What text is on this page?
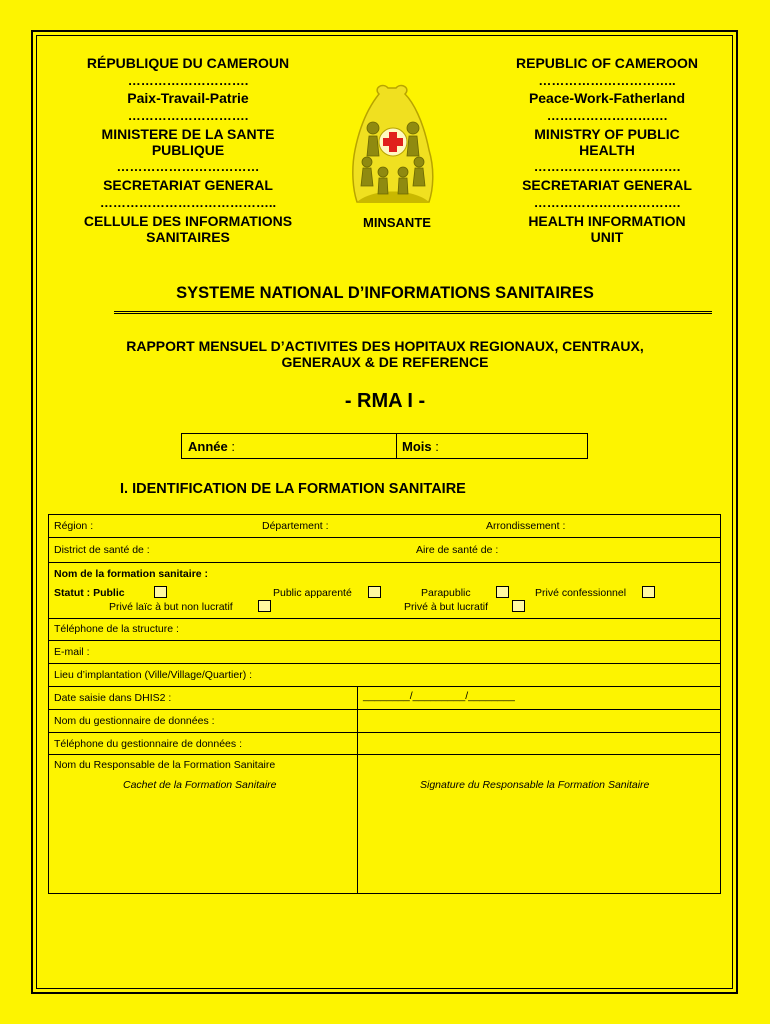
RÉPUBLIQUE DU CAMEROUN
……………………….
Paix-Travail-Patrie
……………………….
MINISTERE DE LA SANTE
PUBLIQUE
……………………………
SECRETARIAT GENERAL
…………………………………..
CELLULE DES INFORMATIONS
SANITAIRES
MINSANTE
REPUBLIC OF CAMEROON
…………………………..
Peace-Work-Fatherland
……………………….
MINISTRY OF PUBLIC
HEALTH
…………………………….
SECRETARIAT GENERAL
…………………………….
HEALTH INFORMATION
UNIT
SYSTEME NATIONAL D’INFORMATIONS SANITAIRES
RAPPORT MENSUEL D’ACTIVITES DES HOPITAUX REGIONAUX, CENTRAUX,
GENERAUX & DE REFERENCE
- RMA I -
Année :	Mois :
I. IDENTIFICATION DE LA FORMATION SANITAIRE
Région :	Département :	Arrondissement :
District de santé de :	Aire de santé de :
Nom de la formation sanitaire :
Statut : Public	Public apparenté	Parapublic	Privé confessionnel
Privé laïc à but non lucratif	Privé à but lucratif
Téléphone de la structure :
E-mail :
Lieu d’implantation (Ville/Village/Quartier) :
Date saisie dans DHIS2 :	________/_________/________
Nom du gestionnaire de données :
Téléphone du gestionnaire de données :
Nom du Responsable de la Formation Sanitaire
Cachet de la Formation Sanitaire	Signature du Responsable la Formation Sanitaire
